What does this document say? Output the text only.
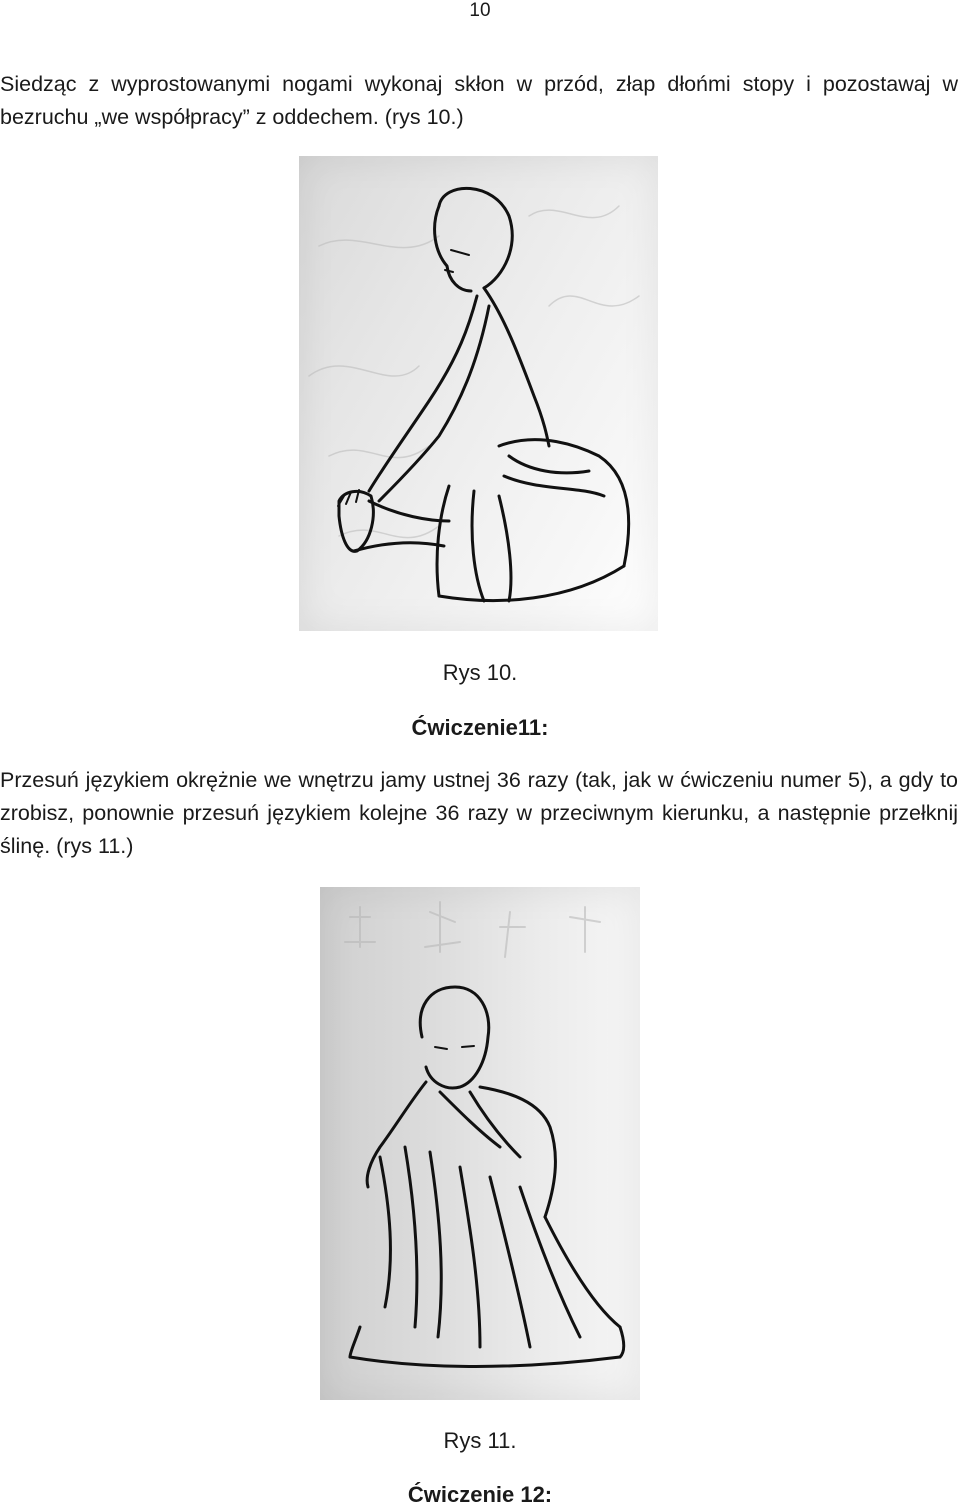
10

Siedząc z wyprostowanymi nogami wykonaj skłon w przód, złap dłońmi stopy i pozostawaj w bezruchu „we współpracy” z oddechem. (rys 10.)

Rys 10.
Ćwiczenie11:

Przesuń językiem okrężnie we wnętrzu jamy ustnej 36 razy (tak, jak w ćwiczeniu numer 5), a gdy to zrobisz, ponownie przesuń językiem kolejne 36 razy w przeciwnym kierunku, a następnie przełknij ślinę. (rys 11.)

Rys 11.
Ćwiczenie 12:
